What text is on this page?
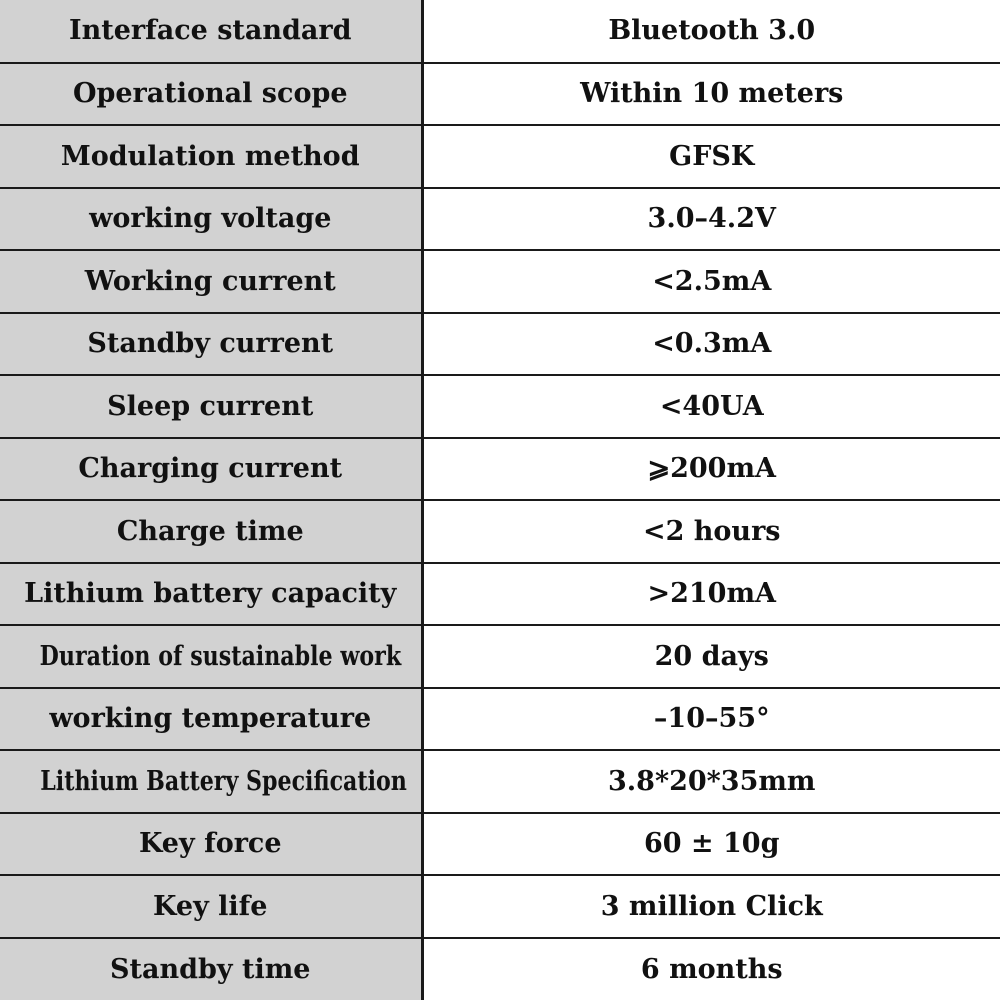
Interface standard	Bluetooth 3.0
Operational scope	Within 10 meters
Modulation method	GFSK
working voltage	3.0–4.2V
Working current	<2.5mA
Standby current	<0.3mA
Sleep current	<40UA
Charging current	⩾200mA
Charge time	<2 hours
Lithium battery capacity	>210mA
Duration of sustainable work	20 days
working temperature	–10–55°
Lithium Battery Specification	3.8*20*35mm
Key force	60 ± 10g
Key life	3 million Click
Standby time	6 months
